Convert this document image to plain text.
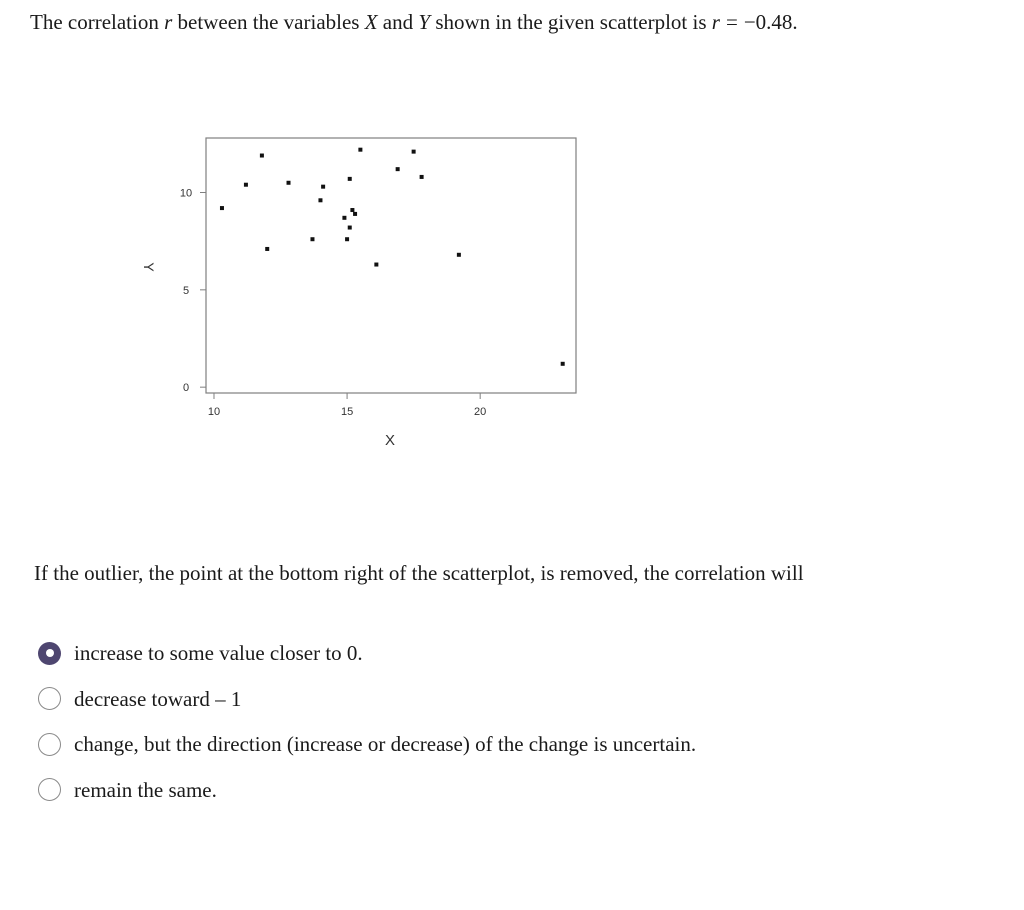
The correlation r between the variables X and Y shown in the given scatterplot is r = −0.48.
10	15	20
0
5
10
X
Y
If the outlier, the point at the bottom right of the scatterplot, is removed, the correlation will
increase to some value closer to 0.
decrease toward – 1
change, but the direction (increase or decrease) of the change is uncertain.
remain the same.
